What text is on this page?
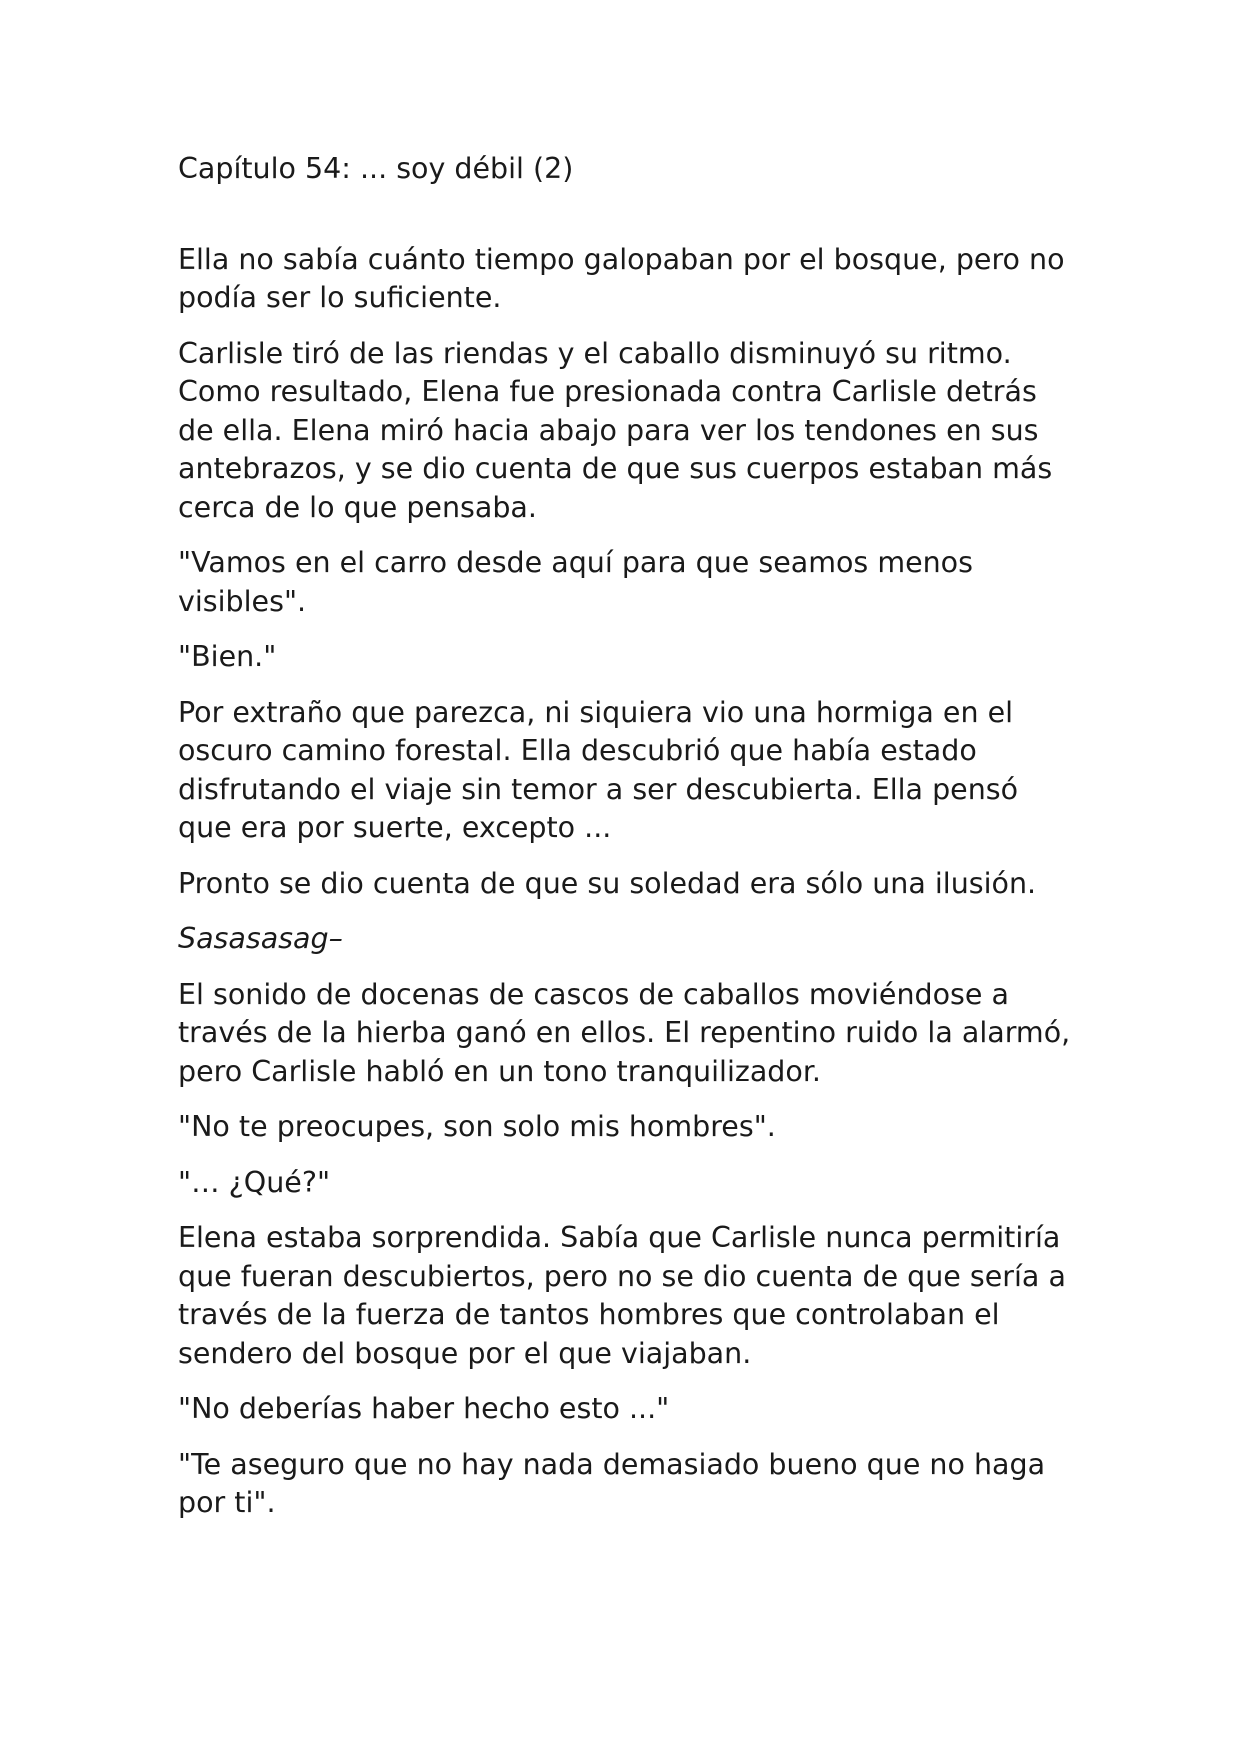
Capítulo 54: ... soy débil (2)

Ella no sabía cuánto tiempo galopaban por el bosque, pero no podía ser lo suficiente.

Carlisle tiró de las riendas y el caballo disminuyó su ritmo. Como resultado, Elena fue presionada contra Carlisle detrás de ella. Elena miró hacia abajo para ver los tendones en sus antebrazos, y se dio cuenta de que sus cuerpos estaban más cerca de lo que pensaba.

"Vamos en el carro desde aquí para que seamos menos visibles".

"Bien."

Por extraño que parezca, ni siquiera vio una hormiga en el oscuro camino forestal. Ella descubrió que había estado disfrutando el viaje sin temor a ser descubierta. Ella pensó que era por suerte, excepto ...

Pronto se dio cuenta de que su soledad era sólo una ilusión.

Sasasasag–

El sonido de docenas de cascos de caballos moviéndose a través de la hierba ganó en ellos. El repentino ruido la alarmó, pero Carlisle habló en un tono tranquilizador.

"No te preocupes, son solo mis hombres".

"… ¿Qué?"

Elena estaba sorprendida. Sabía que Carlisle nunca permitiría que fueran descubiertos, pero no se dio cuenta de que sería a través de la fuerza de tantos hombres que controlaban el sendero del bosque por el que viajaban.

"No deberías haber hecho esto ..."

"Te aseguro que no hay nada demasiado bueno que no haga por ti".
